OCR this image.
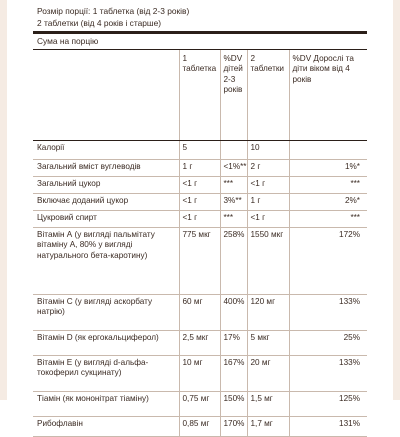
Розмір порції: 1 таблетка (від 2-3 років)
2 таблетки (від 4 років і старше)
Сума на порцію
	1 таблетка	%DV дітей 2-3 років	2 таблетки	%DV Дорослі та діти віком від 4 років
Калорії	5		10	
Загальний вміст вуглеводів	1 г	<1%**	2 г	1%*
Загальний цукор	<1 г	***	<1 г	***
Включає доданий цукор	<1 г	3%**	1 г	2%*
Цукровий спирт	<1 г	***	<1 г	***
Вітамін А (у вигляді пальмітату вітаміну А, 80% у вигляді натурального бета-каротину)	775 мкг	258%	1550 мкг	172%
Вітамін С (у вигляді аскорбату натрію)	60 мг	400%	120 мг	133%
Вітамін D (як ергокальциферол)	2,5 мкг	17%	5 мкг	25%
Вітамін Е (у вигляді d-альфа-токоферил сукцинату)	10 мг	167%	20 мг	133%
Тіамін (як мононітрат тіаміну)	0,75 мг	150%	1,5 мг	125%
Рибофлавін	0,85 мг	170%	1,7 мг	131%
